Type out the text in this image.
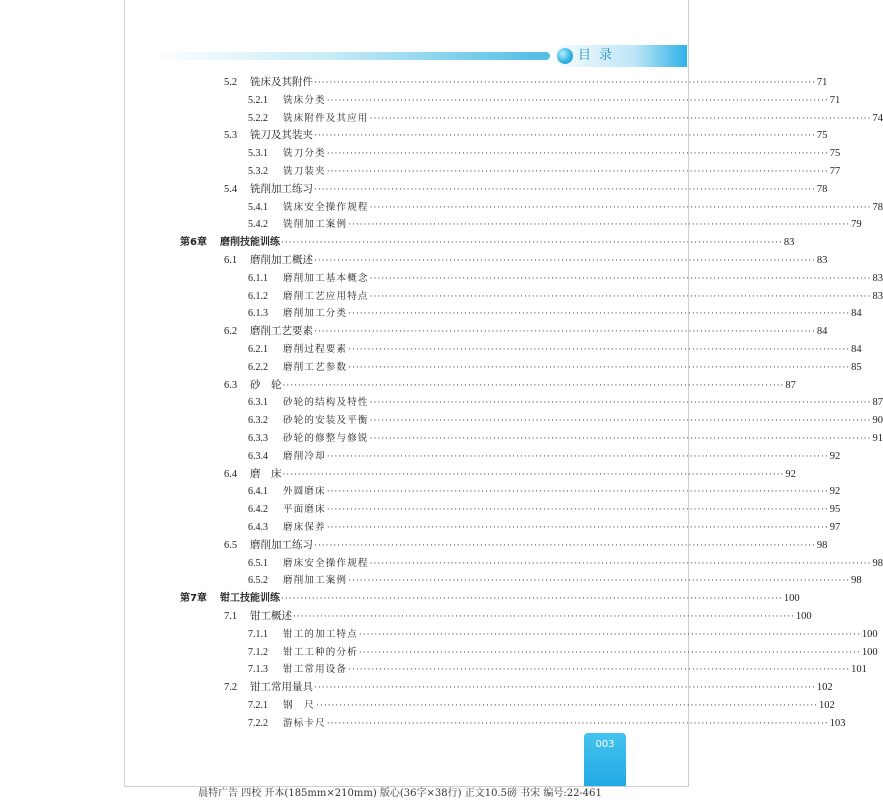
目录
5.2	铣床及其附件 ·································································································································· 71
5.2.1	铣床分类 ·································································································································· 71
5.2.2	铣床附件及其应用 ·································································································································· 74
5.3	铣刀及其装夹 ·································································································································· 75
5.3.1	铣刀分类 ·································································································································· 75
5.3.2	铣刀装夹 ·································································································································· 77
5.4	铣削加工练习 ·································································································································· 78
5.4.1	铣床安全操作规程 ·································································································································· 78
5.4.2	铣削加工案例 ·································································································································· 79
第6章	磨削技能训练 ·································································································································· 83
6.1	磨削加工概述 ·································································································································· 83
6.1.1	磨削加工基本概念 ·································································································································· 83
6.1.2	磨削工艺应用特点 ·································································································································· 83
6.1.3	磨削加工分类 ·································································································································· 84
6.2	磨削工艺要素 ·································································································································· 84
6.2.1	磨削过程要素 ·································································································································· 84
6.2.2	磨削工艺参数 ·································································································································· 85
6.3	砂　轮 ·································································································································· 87
6.3.1	砂轮的结构及特性 ·································································································································· 87
6.3.2	砂轮的安装及平衡 ·································································································································· 90
6.3.3	砂轮的修整与修锐 ·································································································································· 91
6.3.4	磨削冷却 ·································································································································· 92
6.4	磨　床 ·································································································································· 92
6.4.1	外圆磨床 ·································································································································· 92
6.4.2	平面磨床 ·································································································································· 95
6.4.3	磨床保养 ·································································································································· 97
6.5	磨削加工练习 ·································································································································· 98
6.5.1	磨床安全操作规程 ·································································································································· 98
6.5.2	磨削加工案例 ·································································································································· 98
第7章	钳工技能训练 ·································································································································· 100
7.1	钳工概述 ·································································································································· 100
7.1.1	钳工的加工特点 ·································································································································· 100
7.1.2	钳工工种的分析 ·································································································································· 100
7.1.3	钳工常用设备 ·································································································································· 101
7.2	钳工常用量具 ·································································································································· 102
7.2.1	钢　尺 ·································································································································· 102
7.2.2	游标卡尺 ·································································································································· 103
003
晨特广告 四校 开本(185mm×210mm) 版心(36字×38行) 正文10.5磅 书宋 编号:22-461
